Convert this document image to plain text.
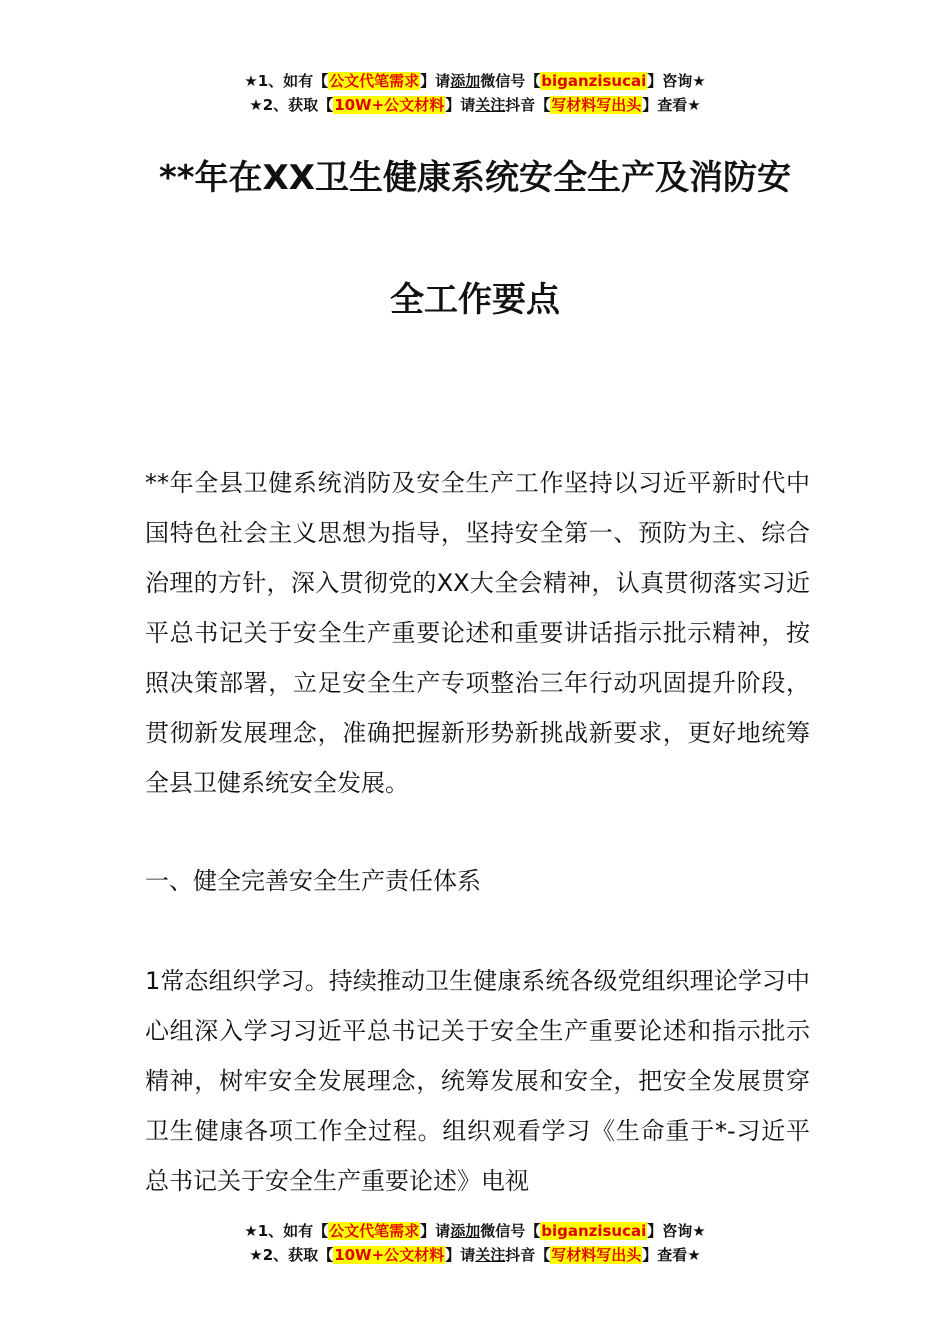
★1、如有【公文代笔需求】请添加微信号【biganzisucai】咨询★
★2、获取【10W+公文材料】请关注抖音【写材料写出头】查看★
**年在XX卫生健康系统安全生产及消防安
全工作要点

**年全县卫健系统消防及安全生产工作坚持以习近平新时代中国特色社会主义思想为指导，坚持安全第一、预防为主、综合治理的方针，深入贯彻党的XX大全会精神，认真贯彻落实习近平总书记关于安全生产重要论述和重要讲话指示批示精神，按照决策部署，立足安全生产专项整治三年行动巩固提升阶段，贯彻新发展理念，准确把握新形势新挑战新要求，更好地统筹全县卫健系统安全发展。

一、健全完善安全生产责任体系

1常态组织学习。持续推动卫生健康系统各级党组织理论学习中心组深入学习习近平总书记关于安全生产重要论述和指示批示精神，树牢安全发展理念，统筹发展和安全，把安全发展贯穿卫生健康各项工作全过程。组织观看学习《生命重于*-习近平总书记关于安全生产重要论述》电视

★1、如有【公文代笔需求】请添加微信号【biganzisucai】咨询★
★2、获取【10W+公文材料】请关注抖音【写材料写出头】查看★
